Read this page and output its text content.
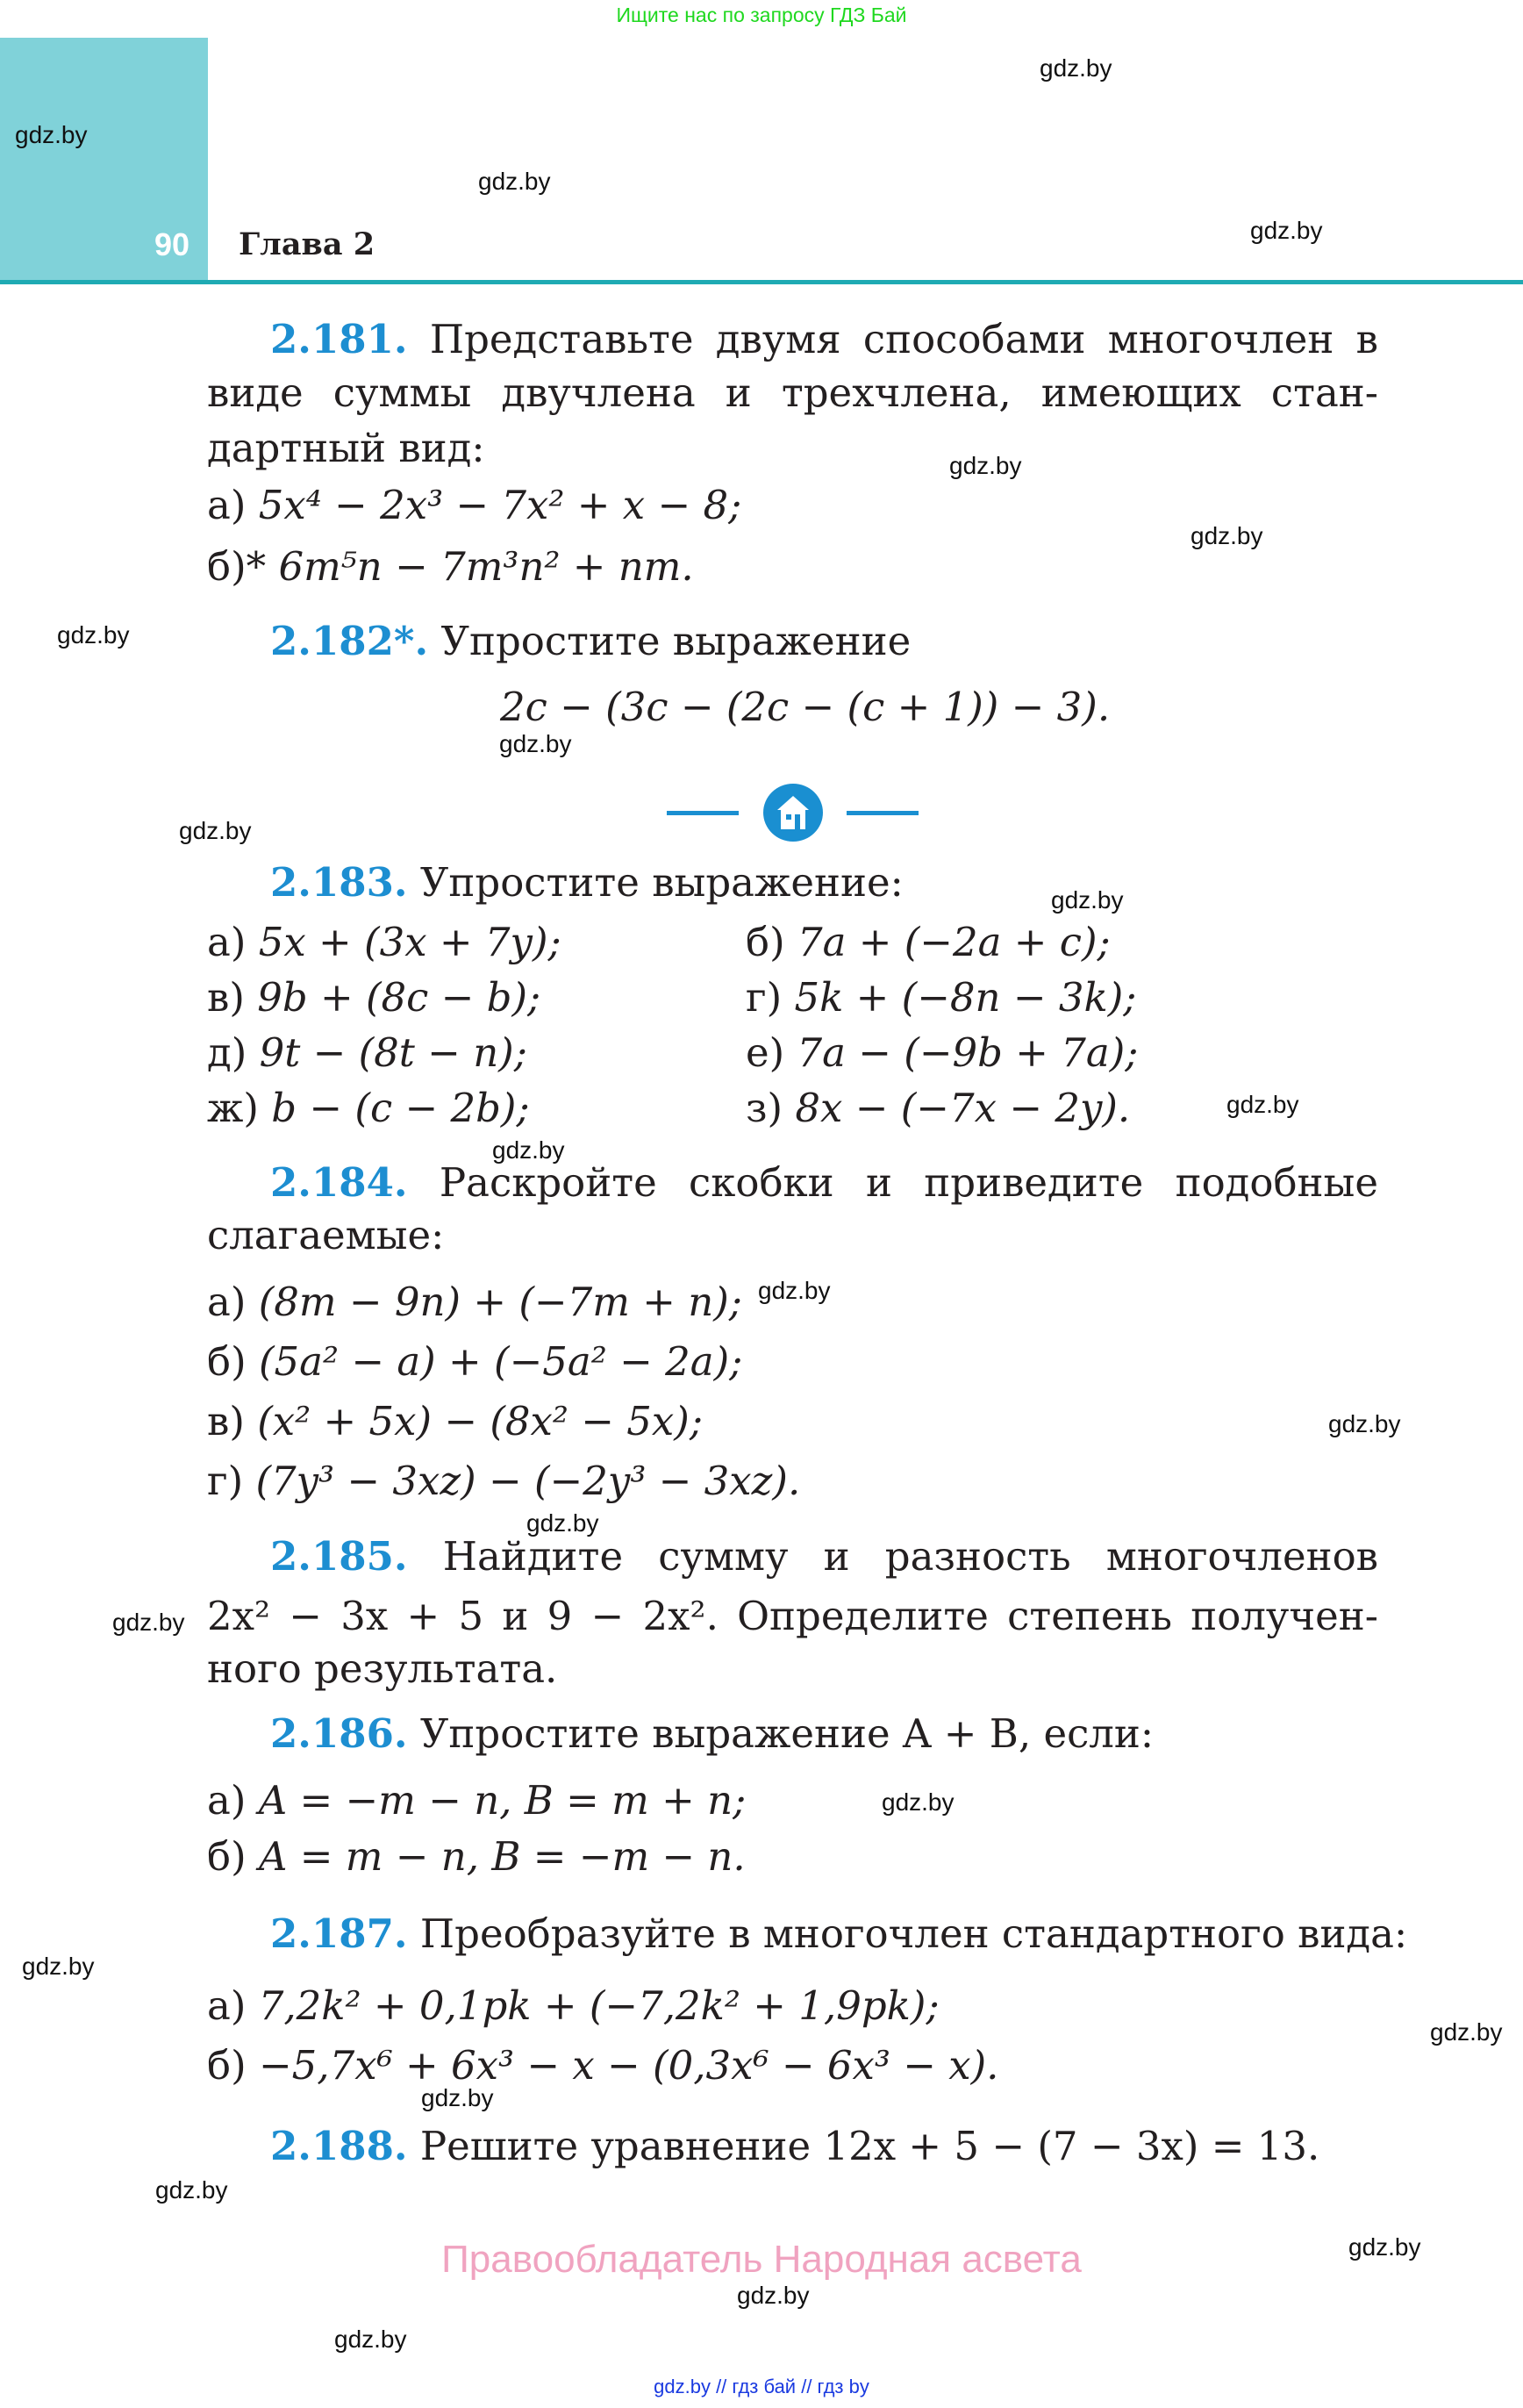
Ищите нас по запросу ГДЗ Бай
90 Глава 2
2.181. Представьте двумя способами многочлен в
виде суммы двучлена и трехчлена, имеющих стан-
дартный вид:
а) 5x⁴ − 2x³ − 7x² + x − 8;
б)* 6m⁵n − 7m³n² + nm.
2.182*. Упростите выражение
2c − (3c − (2c − (c + 1)) − 3).
2.183. Упростите выражение:
а) 5x + (3x + 7y);	б) 7a + (−2a + c);
в) 9b + (8c − b);	г) 5k + (−8n − 3k);
д) 9t − (8t − n);	е) 7a − (−9b + 7a);
ж) b − (c − 2b);	з) 8x − (−7x − 2y).
2.184. Раскройте скобки и приведите подобные
слагаемые:
а) (8m − 9n) + (−7m + n);
б) (5a² − a) + (−5a² − 2a);
в) (x² + 5x) − (8x² − 5x);
г) (7y³ − 3xz) − (−2y³ − 3xz).
2.185. Найдите сумму и разность многочленов
2x² − 3x + 5 и 9 − 2x². Определите степень получен-
ного результата.
2.186. Упростите выражение A + B, если:
а) A = −m − n, B = m + n;
б) A = m − n, B = −m − n.
2.187. Преобразуйте в многочлен стандартного вида:
а) 7,2k² + 0,1pk + (−7,2k² + 1,9pk);
б) −5,7x⁶ + 6x³ − x − (0,3x⁶ − 6x³ − x).
2.188. Решите уравнение 12x + 5 − (7 − 3x) = 13.
gdz.by
gdz.by
gdz.by
gdz.by
gdz.by
gdz.by
gdz.by
gdz.by
gdz.by
gdz.by
gdz.by
gdz.by
gdz.by
gdz.by
gdz.by
gdz.by
gdz.by
gdz.by
gdz.by
gdz.by
gdz.by
gdz.by
gdz.by
gdz.by
Правообладатель Народная асвета
gdz.by // гдз бай // гдз by
